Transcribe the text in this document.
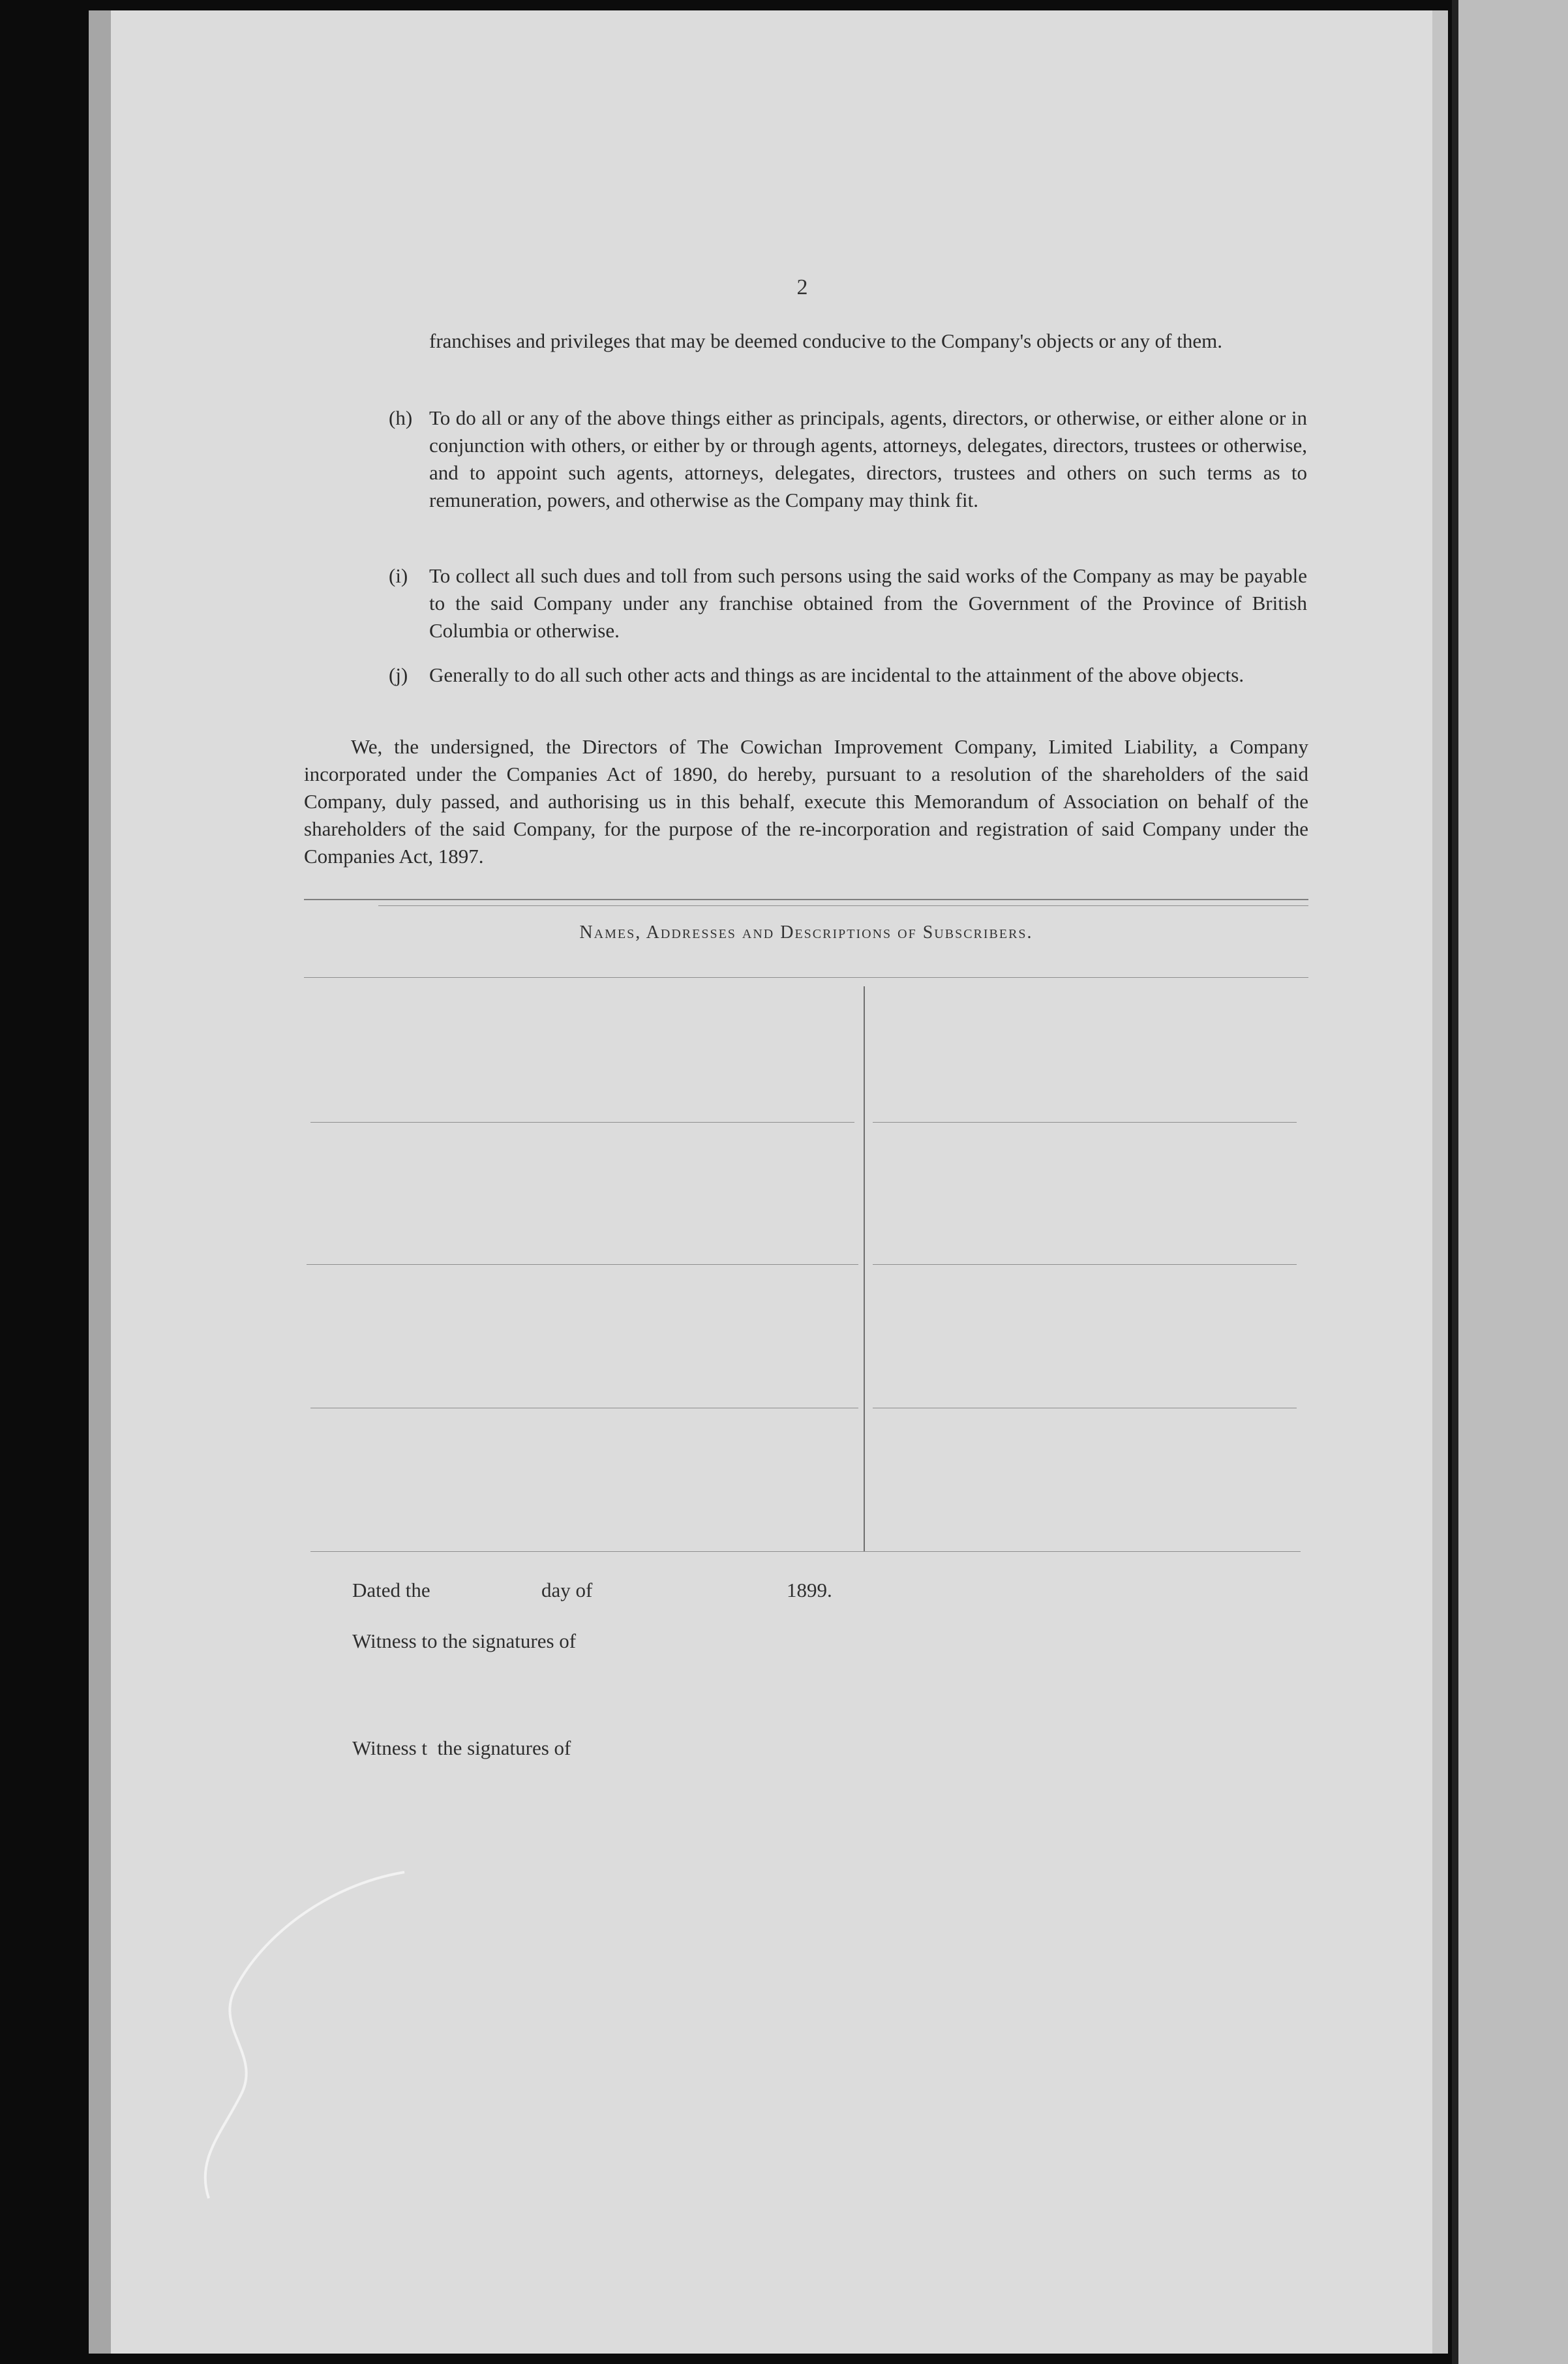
2

franchises and privileges that may be deemed conducive to the Company's objects or any of them.

(h) To do all or any of the above things either as principals, agents, directors, or otherwise, or either alone or in conjunction with others, or either by or through agents, attorneys, delegates, directors, trustees or otherwise, and to appoint such agents, attorneys, delegates, directors, trustees and others on such terms as to remuneration, powers, and otherwise as the Company may think fit.

(i)	To collect all such dues and toll from such persons using the said works of the Company as may be payable to the said Company under any franchise obtained from the Government of the Province of British Columbia or otherwise.

(j)	Generally to do all such other acts and things as are incidental to the attainment of the above objects.

We, the undersigned, the Directors of The Cowichan Improvement Company, Limited Liability, a Company incorporated under the Companies Act of 1890, do hereby, pursuant to a resolution of the shareholders of the said Company, duly passed, and authorising us in this behalf, execute this Memorandum of Association on behalf of the shareholders of the said Company, for the purpose of the re-incorporation and registration of said Company under the Companies Act, 1897.

Names, Addresses and Descriptions of Subscribers.
Dated the	day of	1899.
Witness to the signatures of
Witness t  the signatures of
